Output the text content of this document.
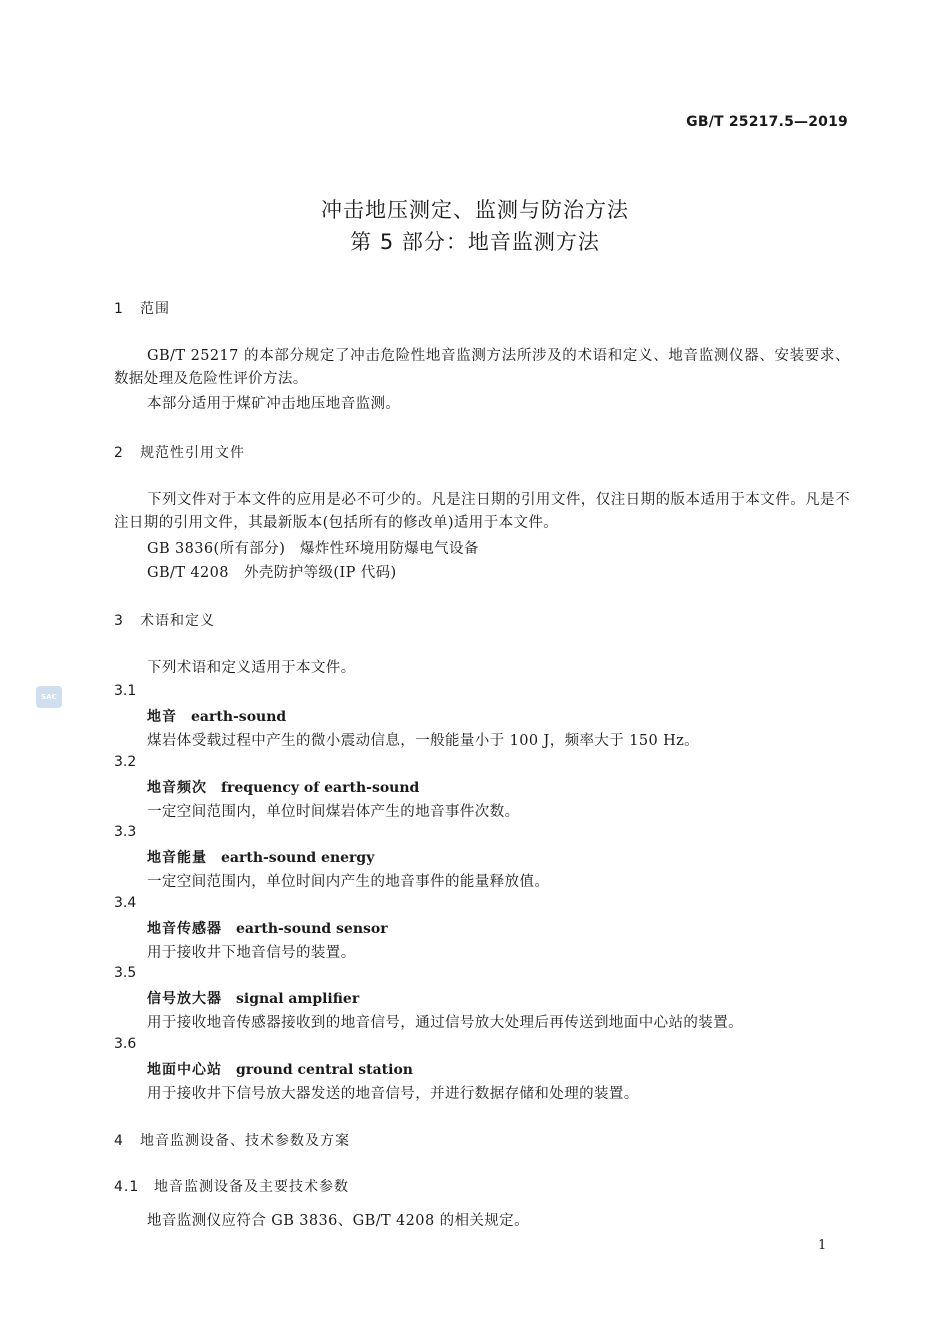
GB/T 25217.5—2019
冲击地压测定、监测与防治方法
第 5 部分：地音监测方法
1 范围
GB/T 25217 的本部分规定了冲击危险性地音监测方法所涉及的术语和定义、地音监测仪器、安装要求、数据处理及危险性评价方法。
本部分适用于煤矿冲击地压地音监测。
2 规范性引用文件
下列文件对于本文件的应用是必不可少的。凡是注日期的引用文件，仅注日期的版本适用于本文件。凡是不注日期的引用文件，其最新版本(包括所有的修改单)适用于本文件。
GB 3836(所有部分) 爆炸性环境用防爆电气设备
GB/T 4208 外壳防护等级(IP 代码)
3 术语和定义
下列术语和定义适用于本文件。
SAC	3.1
地音 earth-sound
煤岩体受载过程中产生的微小震动信息，一般能量小于 100 J，频率大于 150 Hz。
3.2
地音频次 frequency of earth-sound
一定空间范围内，单位时间煤岩体产生的地音事件次数。
3.3
地音能量 earth-sound energy
一定空间范围内，单位时间内产生的地音事件的能量释放值。
3.4
地音传感器 earth-sound sensor
用于接收井下地音信号的装置。
3.5
信号放大器 signal amplifier
用于接收地音传感器接收到的地音信号，通过信号放大处理后再传送到地面中心站的装置。
3.6
地面中心站 ground central station
用于接收井下信号放大器发送的地音信号，并进行数据存储和处理的装置。
4 地音监测设备、技术参数及方案
4.1 地音监测设备及主要技术参数
地音监测仪应符合 GB 3836、GB/T 4208 的相关规定。
1
